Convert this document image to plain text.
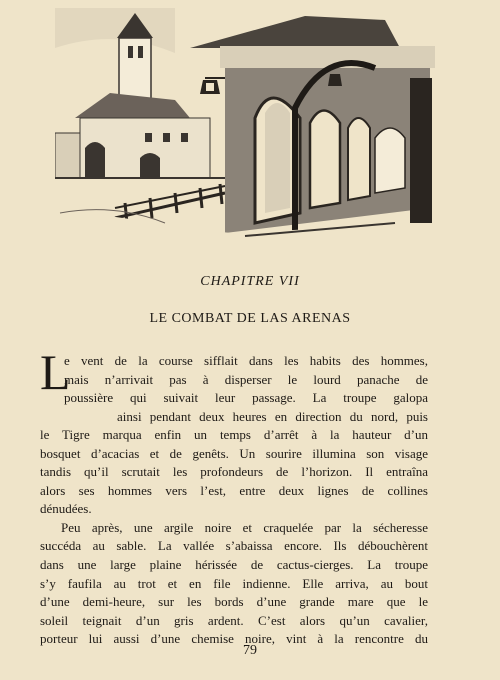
CHAPITRE VII
LE COMBAT DE LAS ARENAS
L
e vent de la course sifflait dans les habits des hommes,
mais n’arrivait pas à disperser le lourd panache de
poussière qui suivait leur passage. La troupe galopa
ainsi pendant deux heures en direction du nord, puis
le Tigre marqua enfin un temps d’arrêt à la hauteur d’un
bosquet d’acacias et de genêts. Un sourire illumina son visage
tandis qu’il scrutait les profondeurs de l’horizon. Il entraîna
alors ses hommes vers l’est, entre deux lignes de collines
dénudées.
Peu après, une argile noire et craquelée par la sécheresse
succéda au sable. La vallée s’abaissa encore. Ils débouchèrent
dans une large plaine hérissée de cactus-cierges. La troupe
s’y faufila au trot et en file indienne. Elle arriva, au bout
d’une demi-heure, sur les bords d’une grande mare que le
soleil teignait d’un gris ardent. C’est alors qu’un cavalier,
porteur lui aussi d’une chemise noire, vint à la rencontre du
79
